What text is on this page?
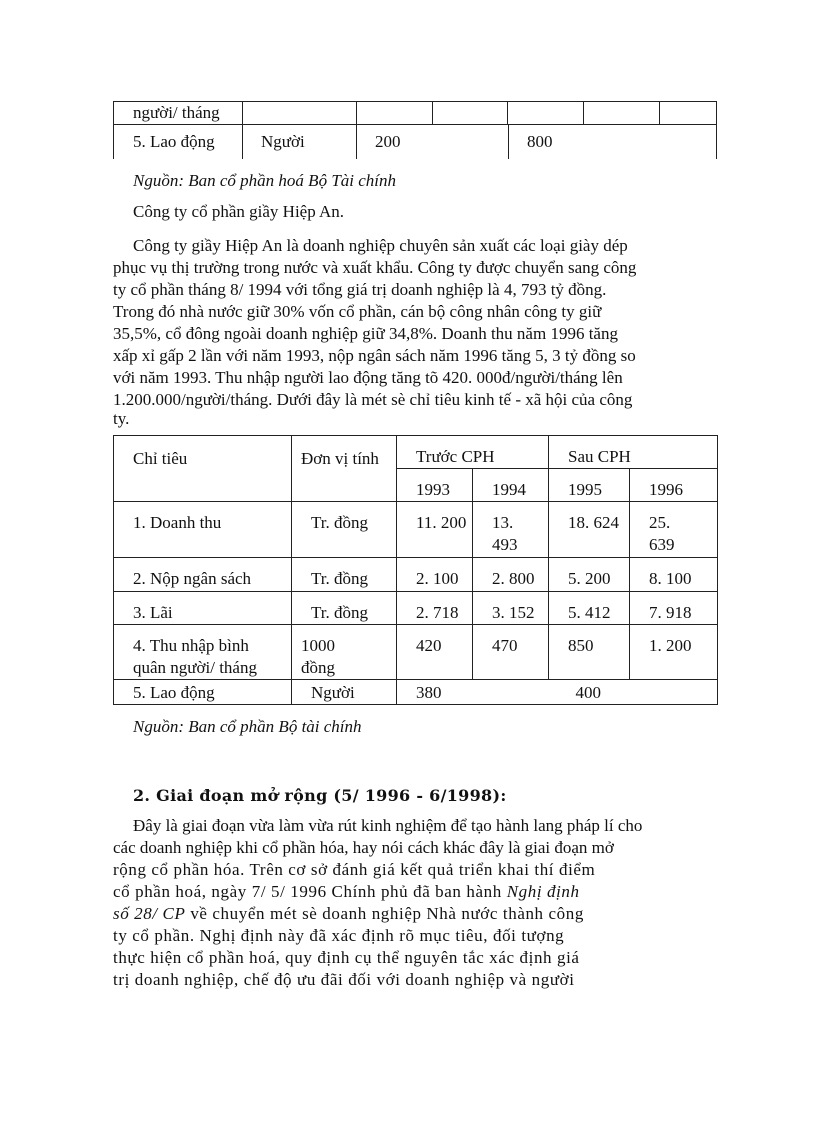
người/ tháng

5. Lao động	Người	200	800
Nguồn: Ban cổ phần hoá Bộ Tài chính
Công ty cổ phần giầy Hiệp An.
Công ty giầy Hiệp An là doanh nghiệp chuyên sản xuất các loại giày dép
phục vụ thị trường trong nước và xuất khẩu. Công ty được chuyển sang công
ty cổ phần tháng 8/ 1994 với tổng giá trị doanh nghiệp là 4, 793 tỷ đồng.
Trong đó nhà nước giữ 30% vốn cổ phần, cán bộ công nhân công ty giữ
35,5%, cổ đông ngoài doanh nghiệp giữ 34,8%. Doanh thu năm 1996 tăng
xấp xỉ gấp 2 lần với năm 1993, nộp ngân sách năm 1996 tăng 5, 3 tỷ đồng so
với năm 1993. Thu nhập người lao động tăng tõ 420. 000đ/người/tháng lên
1.200.000/người/tháng. Dưới đây là mét sè chỉ tiêu kinh tế - xã hội của công
ty.
Chỉ tiêu	Đơn vị tính	Trước CPH		Sau CPH	

		1993	1994	1995	1996

1. Doanh thu	Tr. đồng	11. 200	13. 493	18. 624	25. 639

2. Nộp ngân sách	Tr. đồng	2. 100	2. 800	5. 200	8. 100

3. Lãi	Tr. đồng	2. 718	3. 152	5. 412	7. 918

4. Thu nhập bình quân người/ tháng	1000 đồng	420	470	850	1. 200

5. Lao động	Người	380		400	
Nguồn: Ban cổ phần Bộ tài chính
2. Giai đoạn mở rộng (5/ 1996 - 6/1998):
Đây là giai đoạn vừa làm vừa rút kinh nghiệm để tạo hành lang pháp lí cho
các doanh nghiệp khi cổ phần hóa, hay nói cách khác đây là giai đoạn mở
rộng cổ phần hóa. Trên cơ sở đánh giá kết quả triển khai thí điểm
cổ phần hoá, ngày 7/ 5/ 1996 Chính phủ đã ban hành Nghị định
số 28/ CP về chuyển mét sè doanh nghiệp Nhà nước thành công
ty cổ phần. Nghị định này đã xác định rõ mục tiêu, đối tượng
thực hiện cổ phần hoá, quy định cụ thể nguyên tắc xác định giá
trị doanh nghiệp, chế độ ưu đãi đối với doanh nghiệp và người
